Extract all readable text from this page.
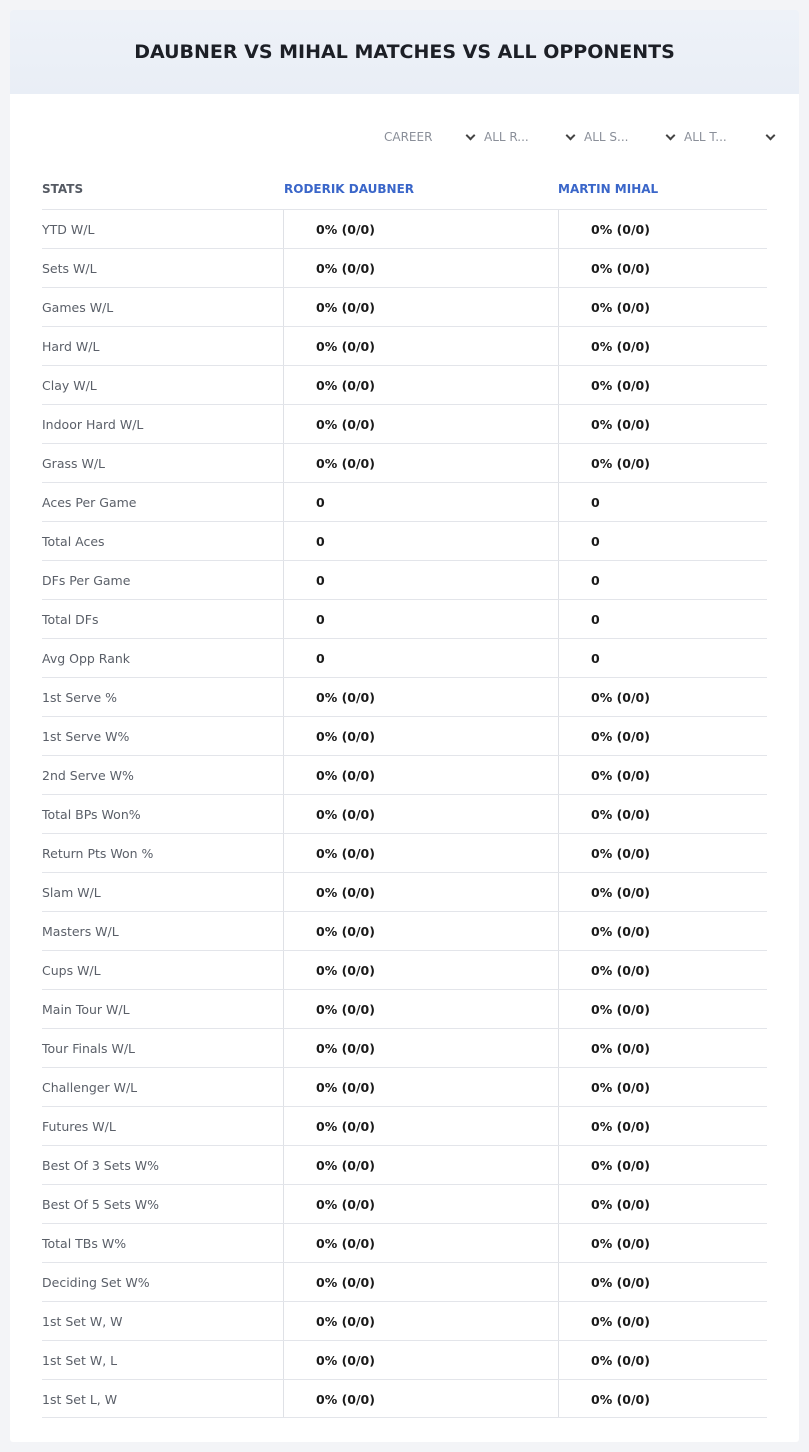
DAUBNER VS MIHAL MATCHES VS ALL OPPONENTS
CAREER	ALL R...	ALL S...	ALL T...
STATS	RODERIK DAUBNER	MARTIN MIHAL
YTD W/L	0% (0/0)	0% (0/0)
Sets W/L	0% (0/0)	0% (0/0)
Games W/L	0% (0/0)	0% (0/0)
Hard W/L	0% (0/0)	0% (0/0)
Clay W/L	0% (0/0)	0% (0/0)
Indoor Hard W/L	0% (0/0)	0% (0/0)
Grass W/L	0% (0/0)	0% (0/0)
Aces Per Game	0	0
Total Aces	0	0
DFs Per Game	0	0
Total DFs	0	0
Avg Opp Rank	0	0
1st Serve %	0% (0/0)	0% (0/0)
1st Serve W%	0% (0/0)	0% (0/0)
2nd Serve W%	0% (0/0)	0% (0/0)
Total BPs Won%	0% (0/0)	0% (0/0)
Return Pts Won %	0% (0/0)	0% (0/0)
Slam W/L	0% (0/0)	0% (0/0)
Masters W/L	0% (0/0)	0% (0/0)
Cups W/L	0% (0/0)	0% (0/0)
Main Tour W/L	0% (0/0)	0% (0/0)
Tour Finals W/L	0% (0/0)	0% (0/0)
Challenger W/L	0% (0/0)	0% (0/0)
Futures W/L	0% (0/0)	0% (0/0)
Best Of 3 Sets W%	0% (0/0)	0% (0/0)
Best Of 5 Sets W%	0% (0/0)	0% (0/0)
Total TBs W%	0% (0/0)	0% (0/0)
Deciding Set W%	0% (0/0)	0% (0/0)
1st Set W, W	0% (0/0)	0% (0/0)
1st Set W, L	0% (0/0)	0% (0/0)
1st Set L, W	0% (0/0)	0% (0/0)
